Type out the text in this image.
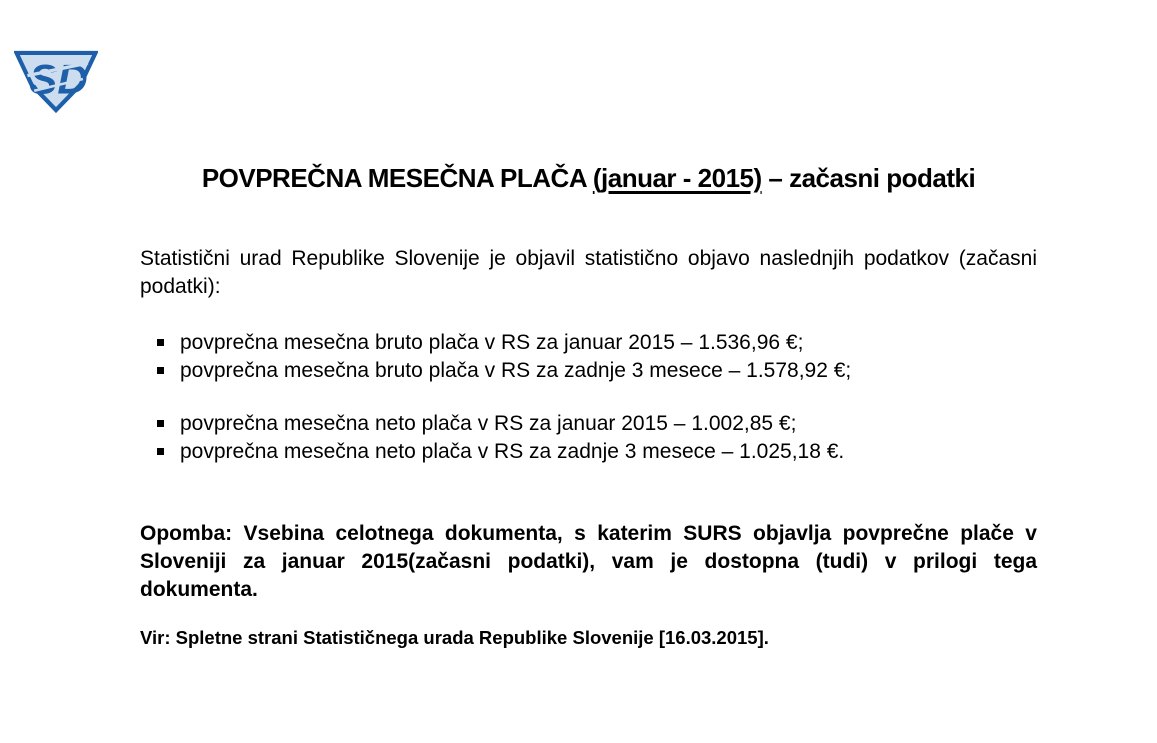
SD
POVPREČNA MESEČNA PLAČA (januar - 2015) – začasni podatki

Statistični urad Republike Slovenije je objavil statistično objavo naslednjih podatkov (začasni podatki):

povprečna mesečna bruto plača v RS za januar 2015 – 1.536,96 €;
povprečna mesečna bruto plača v RS za zadnje 3 mesece – 1.578,92 €;
povprečna mesečna neto plača v RS za januar 2015 – 1.002,85 €;
povprečna mesečna neto plača v RS za zadnje 3 mesece – 1.025,18 €.

Opomba: Vsebina celotnega dokumenta, s katerim SURS objavlja povprečne plače v Sloveniji za januar 2015(začasni podatki), vam je dostopna (tudi) v prilogi tega dokumenta.

Vir: Spletne strani Statističnega urada Republike Slovenije [16.03.2015].
